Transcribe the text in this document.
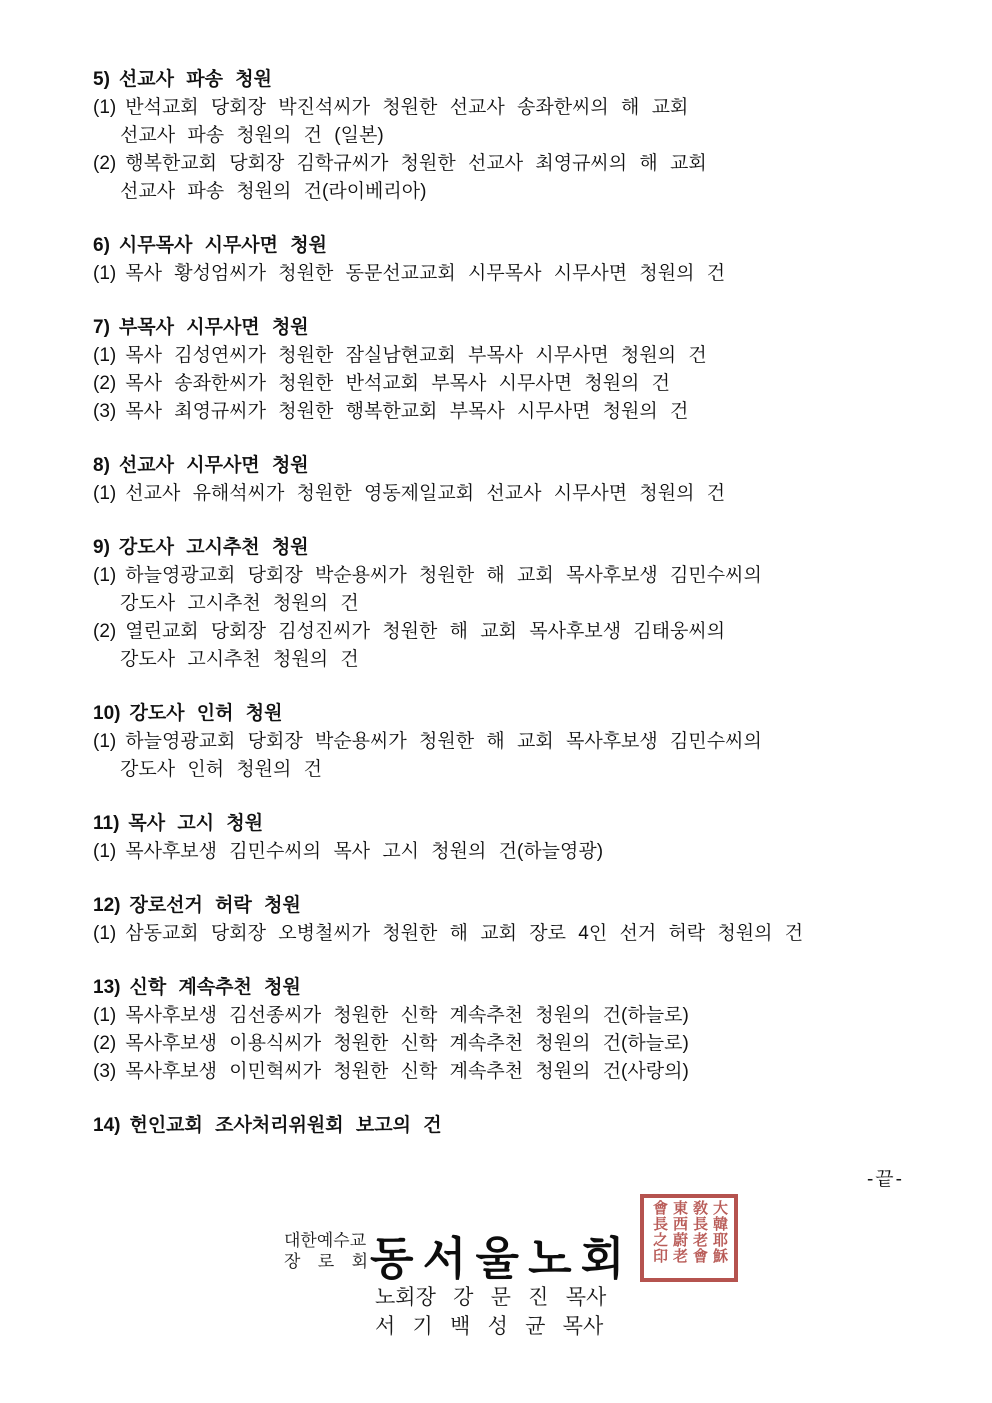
5) 선교사 파송 청원
(1) 반석교회 당회장 박진석씨가 청원한 선교사 송좌한씨의 해 교회
선교사 파송 청원의 건 (일본)
(2) 행복한교회 당회장 김학규씨가 청원한 선교사 최영규씨의 해 교회
선교사 파송 청원의 건(라이베리아)
6) 시무목사 시무사면 청원
(1) 목사 황성엄씨가 청원한 동문선교교회 시무목사 시무사면 청원의 건
7) 부목사 시무사면 청원
(1) 목사 김성연씨가 청원한 잠실남현교회 부목사 시무사면 청원의 건
(2) 목사 송좌한씨가 청원한 반석교회 부목사 시무사면 청원의 건
(3) 목사 최영규씨가 청원한 행복한교회 부목사 시무사면 청원의 건
8) 선교사 시무사면 청원
(1) 선교사 유해석씨가 청원한 영동제일교회 선교사 시무사면 청원의 건
9) 강도사 고시추천 청원
(1) 하늘영광교회 당회장 박순용씨가 청원한 해 교회 목사후보생 김민수씨의
강도사 고시추천 청원의 건
(2) 열린교회 당회장 김성진씨가 청원한 해 교회 목사후보생 김태웅씨의
강도사 고시추천 청원의 건
10) 강도사 인허 청원
(1) 하늘영광교회 당회장 박순용씨가 청원한 해 교회 목사후보생 김민수씨의
강도사 인허 청원의 건
11) 목사 고시 청원
(1) 목사후보생 김민수씨의 목사 고시 청원의 건(하늘영광)
12) 장로선거 허락 청원
(1) 삼동교회 당회장 오병철씨가 청원한 해 교회 장로 4인 선거 허락 청원의 건
13) 신학 계속추천 청원
(1) 목사후보생 김선종씨가 청원한 신학 계속추천 청원의 건(하늘로)
(2) 목사후보생 이용식씨가 청원한 신학 계속추천 청원의 건(하늘로)
(3) 목사후보생 이민혁씨가 청원한 신학 계속추천 청원의 건(사랑의)
14) 헌인교회 조사처리위원회 보고의 건
-끝-
대한예수교
장 로 회 동 서 울 노 회	大韓耶穌敎長老會東西蔚老會長之印
노회장 강 문 진 목사
서 기 백 성 균 목사
